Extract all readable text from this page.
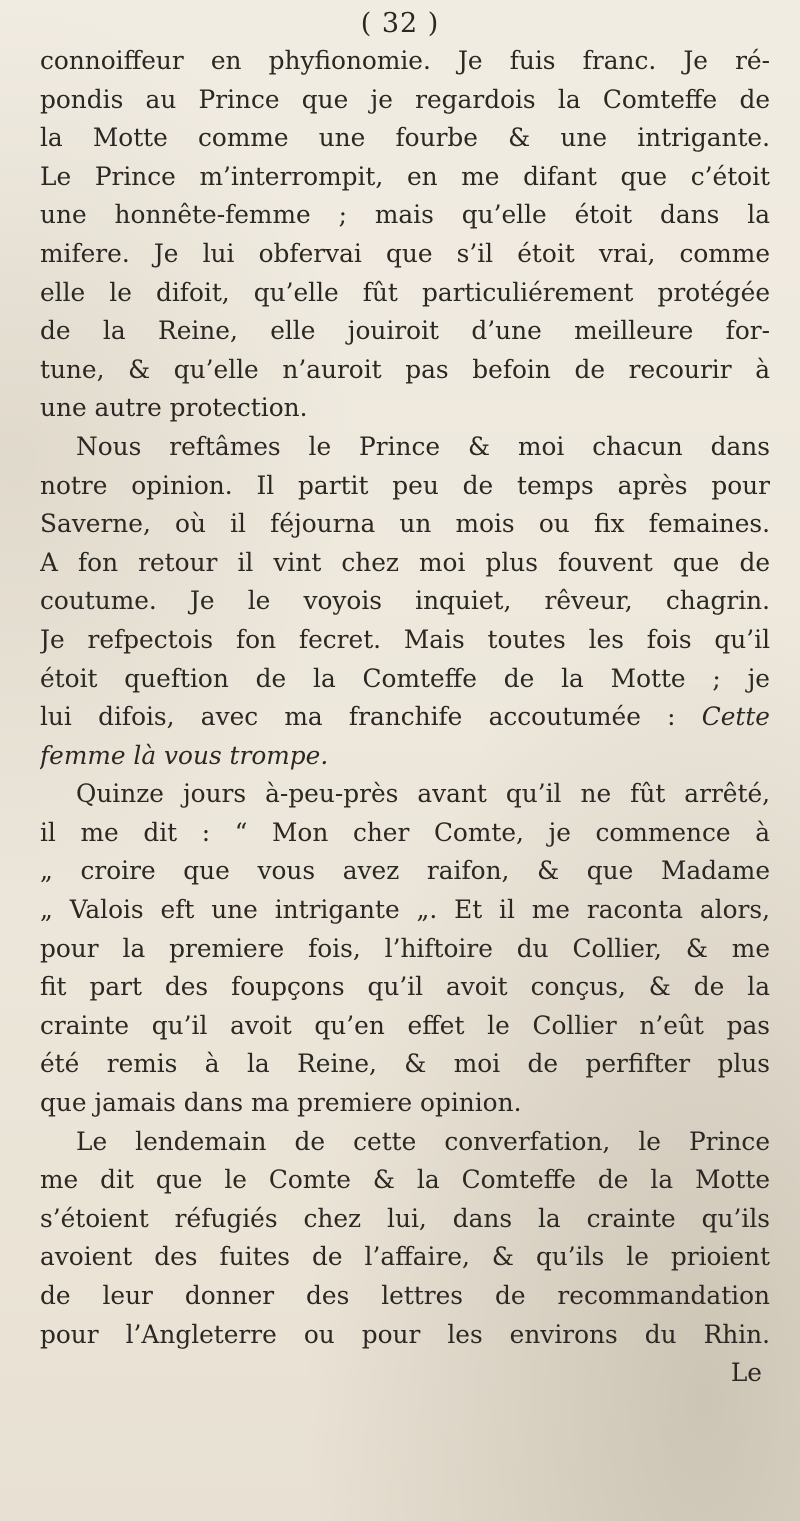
( 32 )

connoiffeur en phyfionomie. Je fuis franc. Je ré-
pondis au Prince que je regardois la Comteffe de
la Motte comme une fourbe & une intrigante.
Le Prince m’interrompit, en me difant que c’étoit
une honnête-femme ; mais qu’elle étoit dans la
mifere. Je lui obfervai que s’il étoit vrai, comme
elle le difoit, qu’elle fût particuliérement protégée
de la Reine, elle jouiroit d’une meilleure for-
tune, & qu’elle n’auroit pas befoin de recourir à
une autre protection.
Nous reftâmes le Prince & moi chacun dans
notre opinion. Il partit peu de temps après pour
Saverne, où il féjourna un mois ou fix femaines.
A fon retour il vint chez moi plus fouvent que de
coutume. Je le voyois inquiet, rêveur, chagrin.
Je refpectois fon fecret. Mais toutes les fois qu’il
étoit queftion de la Comteffe de la Motte ; je
lui difois, avec ma franchife accoutumée : Cette
femme là vous trompe.
Quinze jours à-peu-près avant qu’il ne fût arrêté,
il me dit : “ Mon cher Comte, je commence à
„ croire que vous avez raifon, & que Madame
„ Valois eft une intrigante „. Et il me raconta alors,
pour la premiere fois, l’hiftoire du Collier, & me
fit part des foupçons qu’il avoit conçus, & de la
crainte qu’il avoit qu’en effet le Collier n’eût pas
été remis à la Reine, & moi de perfifter plus
que jamais dans ma premiere opinion.
Le lendemain de cette converfation, le Prince
me dit que le Comte & la Comteffe de la Motte
s’étoient réfugiés chez lui, dans la crainte qu’ils
avoient des fuites de l’affaire, & qu’ils le prioient
de leur donner des lettres de recommandation
pour l’Angleterre ou pour les environs du Rhin.
Le
